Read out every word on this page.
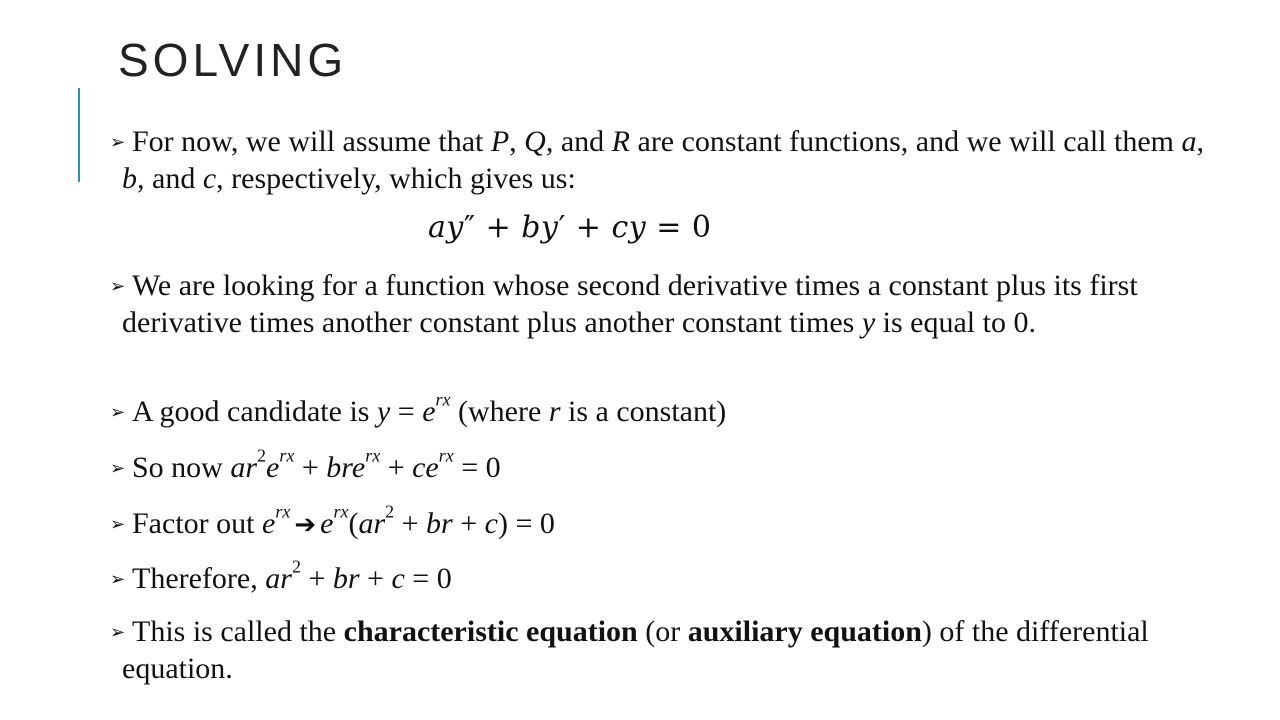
SOLVING
➢ For now, we will assume that P, Q, and R are constant functions, and we will call them a, b, and c, respectively, which gives us:
➢ We are looking for a function whose second derivative times a constant plus its first derivative times another constant plus another constant times y is equal to 0.
➢ A good candidate is $y = e^{rx}$ (where r is a constant)
➢ So now $ar^2e^{rx} + bre^{rx} + ce^{rx} = 0$
➢ Factor out $e^{rx}$ ➔ $e^{rx}(ar^2$ + br + c) = 0
➢ Therefore, $ar^2$ + br + c = 0
➢ This is called the characteristic equation (or auxiliary equation) of the differential equation.
ay″ + by′ + cy = 0
